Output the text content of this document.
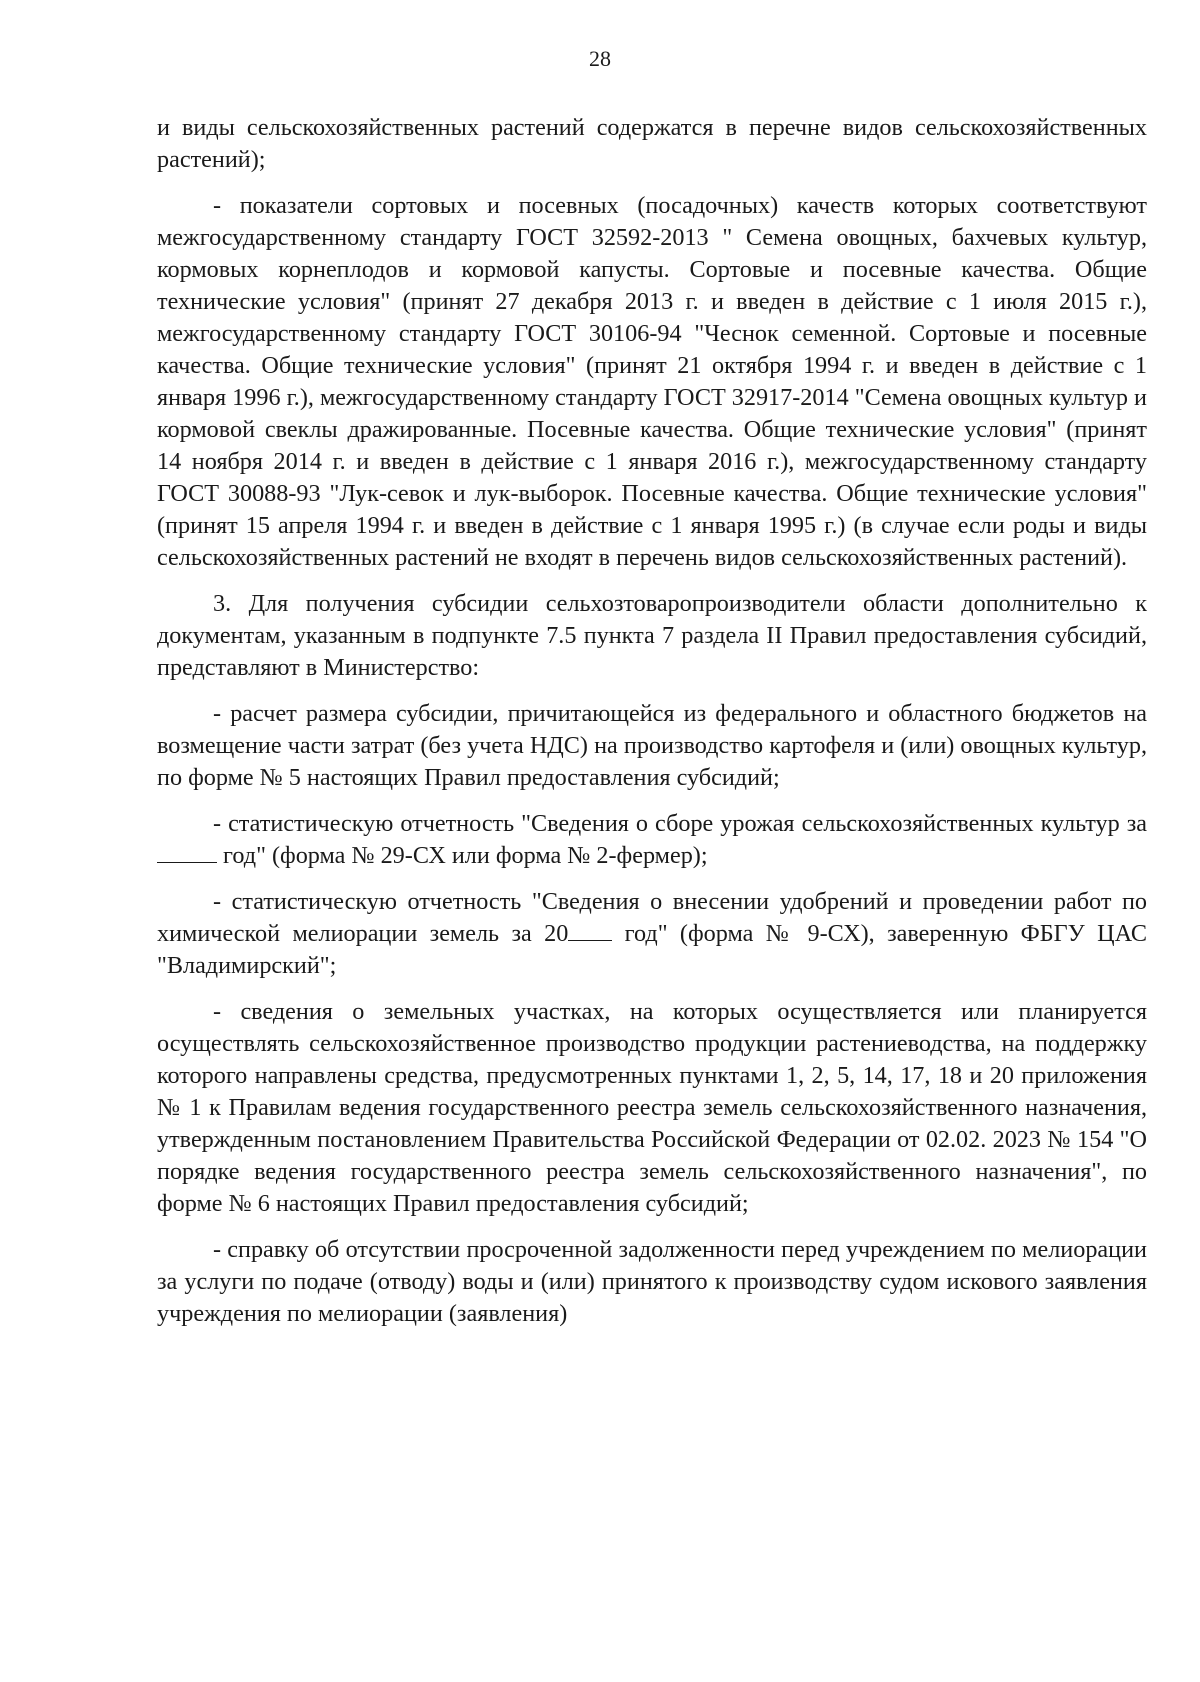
28

и виды сельскохозяйственных растений содержатся в перечне видов сельскохозяйственных растений);

- показатели сортовых и посевных (посадочных) качеств которых соответствуют межгосударственному стандарту ГОСТ 32592-2013 " Семена овощных, бахчевых культур, кормовых корнеплодов и кормовой капусты. Сортовые и посевные качества. Общие технические условия" (принят 27 декабря 2013 г. и введен в действие с 1 июля 2015 г.), межгосударственному стандарту ГОСТ 30106-94 "Чеснок семенной. Сортовые и посевные качества. Общие технические условия" (принят 21 октября 1994 г. и введен в действие с 1 января 1996 г.), межгосударственному стандарту ГОСТ 32917-2014 "Семена овощных культур и кормовой свеклы дражированные. Посевные качества. Общие технические условия" (принят 14 ноября 2014 г. и введен в действие с 1 января 2016 г.), межгосударственному стандарту ГОСТ 30088-93 "Лук-севок и лук-выборок. Посевные качества. Общие технические условия" (принят 15 апреля 1994 г. и введен в действие с 1 января 1995 г.) (в случае если роды и виды сельскохозяйственных растений не входят в перечень видов сельскохозяйственных растений).

3. Для получения субсидии сельхозтоваропроизводители области дополнительно к документам, указанным в подпункте 7.5 пункта 7 раздела II Правил предоставления субсидий, представляют в Министерство:

- расчет размера субсидии, причитающейся из федерального и областного бюджетов на возмещение части затрат (без учета НДС) на производство картофеля и (или) овощных культур, по форме № 5 настоящих Правил предоставления субсидий;

- статистическую отчетность "Сведения о сборе урожая сельскохозяйственных культур за  год" (форма № 29-СХ или форма № 2-фермер);

- статистическую отчетность "Сведения о внесении удобрений и проведении работ по химической мелиорации земель за 20 год" (форма № 9-СХ), заверенную ФБГУ ЦАС "Владимирский";

- сведения о земельных участках, на которых осуществляется или планируется осуществлять сельскохозяйственное производство продукции растениеводства, на поддержку которого направлены средства, предусмотренных пунктами 1, 2, 5, 14, 17, 18 и 20 приложения № 1 к Правилам ведения государственного реестра земель сельскохозяйственного назначения, утвержденным постановлением Правительства Российской Федерации от 02.02. 2023 № 154 "О порядке ведения государственного реестра земель сельскохозяйственного назначения", по форме № 6 настоящих Правил предоставления субсидий;

- справку об отсутствии просроченной задолженности перед учреждением по мелиорации за услуги по подаче (отводу) воды и (или) принятого к производству судом искового заявления учреждения по мелиорации (заявления)
